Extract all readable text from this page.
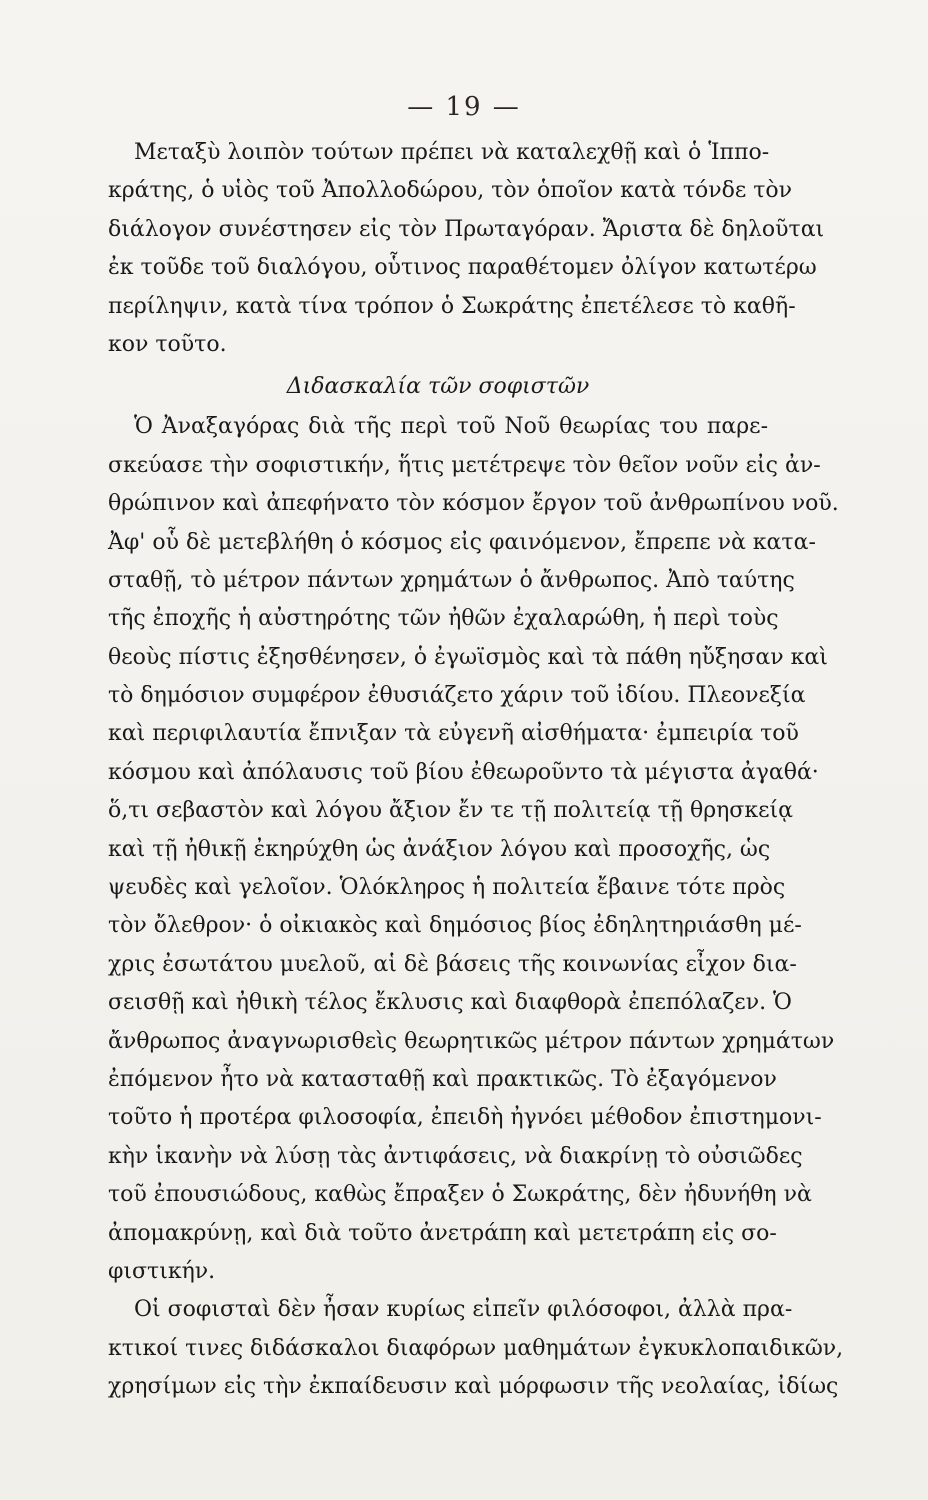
— 19 —
Μεταξὺ λοιπὸν τούτων πρέπει νὰ καταλεχθῇ καὶ ὁ Ἱππο-
κράτης, ὁ υἱὸς τοῦ Ἀπολλοδώρου, τὸν ὁποῖον κατὰ τόνδε τὸν
διάλογον συνέστησεν εἰς τὸν Πρωταγόραν. Ἄριστα δὲ δηλοῦται
ἐκ τοῦδε τοῦ διαλόγου, οὗτινος παραθέτομεν ὀλίγον κατωτέρω
περίληψιν, κατὰ τίνα τρόπον ὁ Σωκράτης ἐπετέλεσε τὸ καθῆ-
κον τοῦτο.
Διδασκαλία τῶν σοφιστῶν
Ὁ Ἀναξαγόρας διὰ τῆς περὶ τοῦ Νοῦ θεωρίας του παρε-
σκεύασε τὴν σοφιστικήν, ἥτις μετέτρεψε τὸν θεῖον νοῦν εἰς ἀν-
θρώπινον καὶ ἀπεφήνατο τὸν κόσμον ἔργον τοῦ ἀνθρωπίνου νοῦ.
Ἀφ' οὗ δὲ μετεβλήθη ὁ κόσμος εἰς φαινόμενον, ἔπρεπε νὰ κατα-
σταθῇ, τὸ μέτρον πάντων χρημάτων ὁ ἄνθρωπος. Ἀπὸ ταύτης
τῆς ἐποχῆς ἡ αὐστηρότης τῶν ἠθῶν ἐχαλαρώθη, ἡ περὶ τοὺς
θεοὺς πίστις ἐξησθένησεν, ὁ ἐγωϊσμὸς καὶ τὰ πάθη ηὔξησαν καὶ
τὸ δημόσιον συμφέρον ἐθυσιάζετο χάριν τοῦ ἰδίου. Πλεονεξία
καὶ περιφιλαυτία ἔπνιξαν τὰ εὐγενῆ αἰσθήματα· ἐμπειρία τοῦ
κόσμου καὶ ἀπόλαυσις τοῦ βίου ἐθεωροῦντο τὰ μέγιστα ἀγαθά·
ὅ,τι σεβαστὸν καὶ λόγου ἄξιον ἔν τε τῇ πολιτείᾳ τῇ θρησκείᾳ
καὶ τῇ ἠθικῇ ἐκηρύχθη ὡς ἀνάξιον λόγου καὶ προσοχῆς, ὡς
ψευδὲς καὶ γελοῖον. Ὁλόκληρος ἡ πολιτεία ἔβαινε τότε πρὸς
τὸν ὄλεθρον· ὁ οἰκιακὸς καὶ δημόσιος βίος ἐδηλητηριάσθη μέ-
χρις ἐσωτάτου μυελοῦ, αἱ δὲ βάσεις τῆς κοινωνίας εἶχον δια-
σεισθῇ καὶ ἠθικὴ τέλος ἔκλυσις καὶ διαφθορὰ ἐπεπόλαζεν. Ὁ
ἄνθρωπος ἀναγνωρισθεὶς θεωρητικῶς μέτρον πάντων χρημάτων
ἐπόμενον ἦτο νὰ κατασταθῇ καὶ πρακτικῶς. Τὸ ἐξαγόμενον
τοῦτο ἡ προτέρα φιλοσοφία, ἐπειδὴ ἠγνόει μέθοδον ἐπιστημονι-
κὴν ἱκανὴν νὰ λύσῃ τὰς ἀντιφάσεις, νὰ διακρίνῃ τὸ οὐσιῶδες
τοῦ ἐπουσιώδους, καθὼς ἔπραξεν ὁ Σωκράτης, δὲν ἠδυνήθη νὰ
ἀπομακρύνῃ, καὶ διὰ τοῦτο ἀνετράπη καὶ μετετράπη εἰς σο-
φιστικήν.
Οἱ σοφισταὶ δὲν ἦσαν κυρίως εἰπεῖν φιλόσοφοι, ἀλλὰ πρα-
κτικοί τινες διδάσκαλοι διαφόρων μαθημάτων ἐγκυκλοπαιδικῶν,
χρησίμων εἰς τὴν ἐκπαίδευσιν καὶ μόρφωσιν τῆς νεολαίας, ἰδίως
